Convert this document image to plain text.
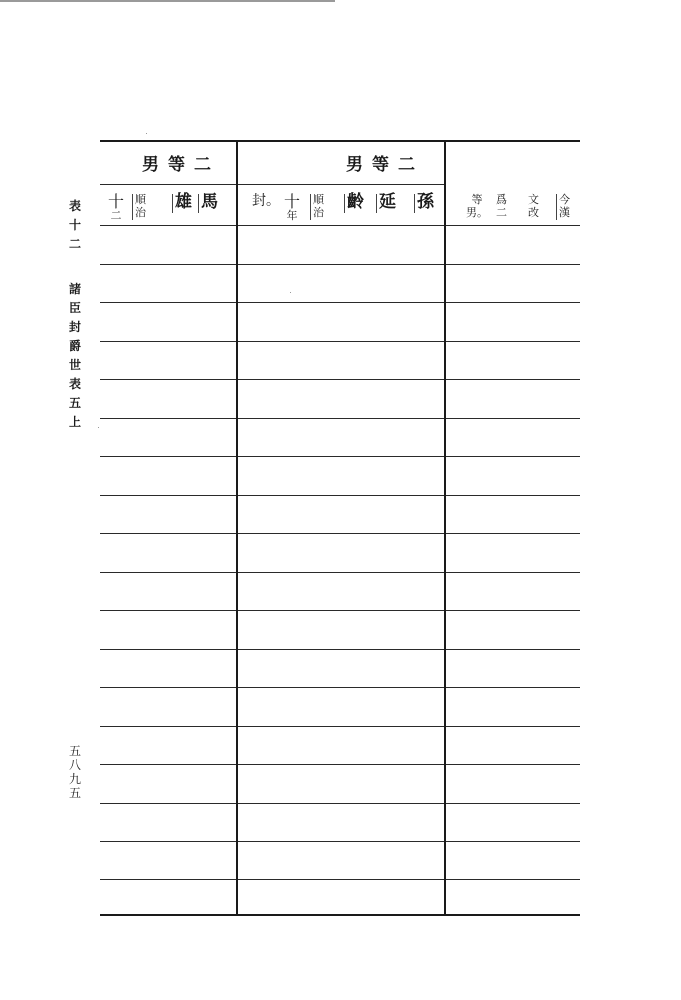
表
十
二
諸
臣
封
爵
世
表
五
上
五
八
九
五
二等男
馬
雄
順
治
十
二
二等男
孫
延
齡
順
治
十
年
封。	今
漢
文
改
爲
二
等
男。
